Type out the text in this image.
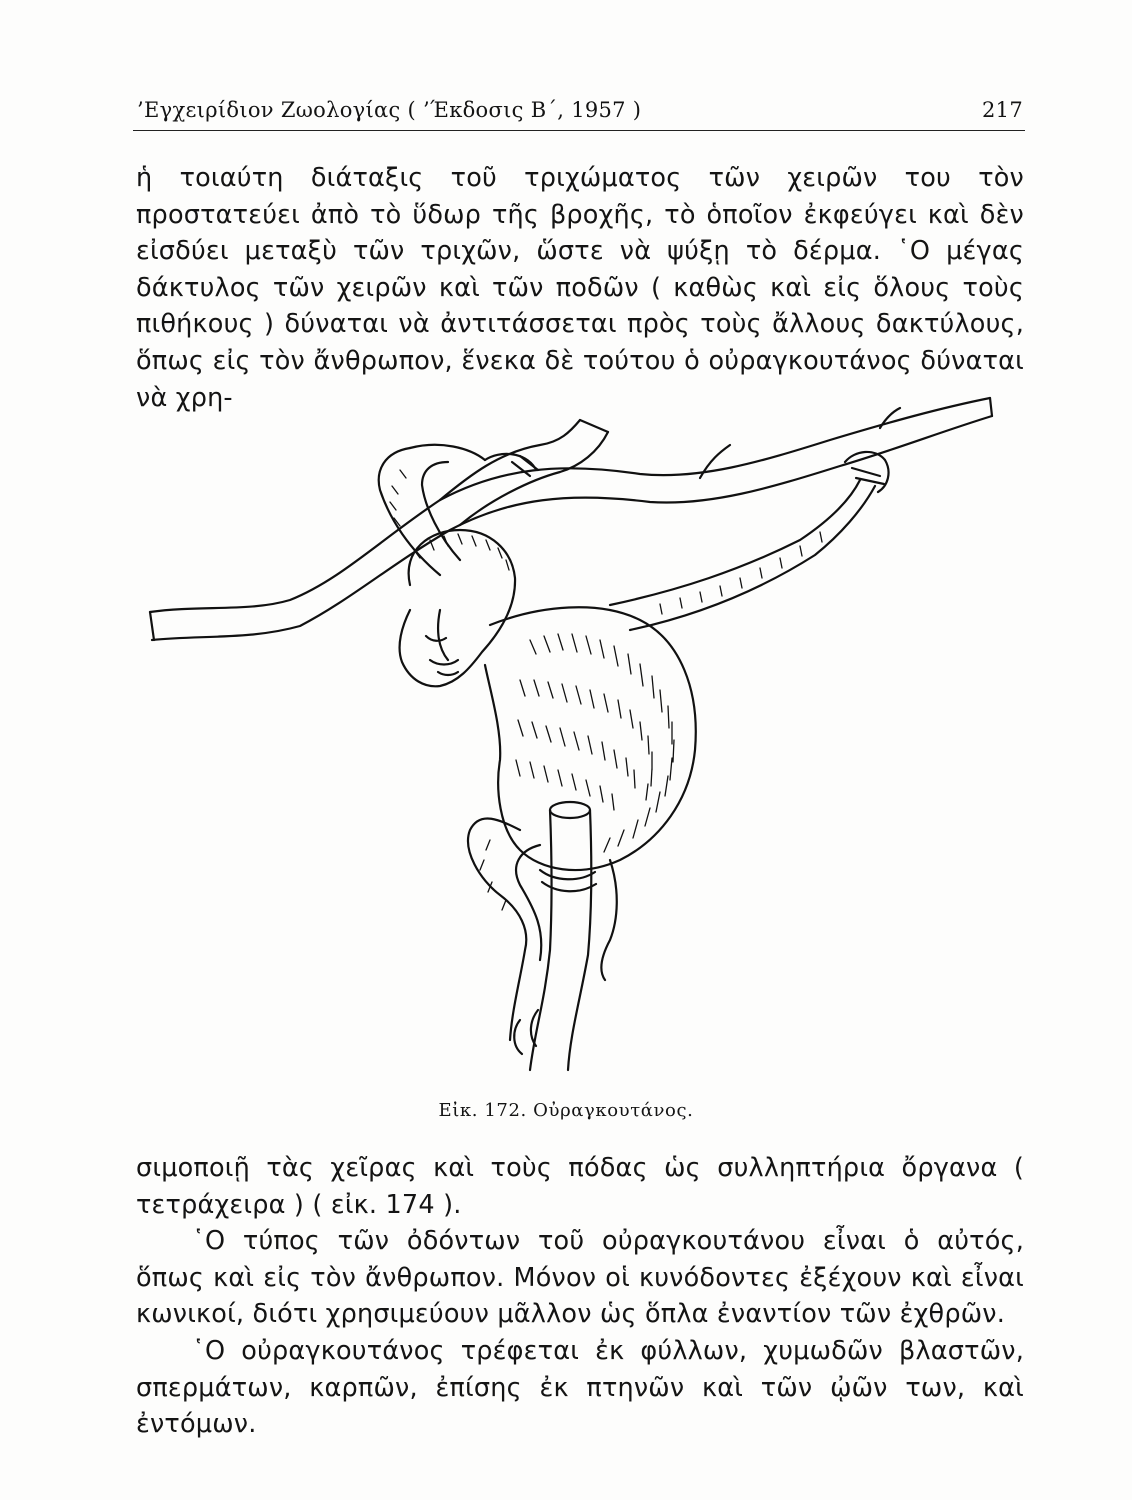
’Εγχειρίδιον Ζωολογίας ( ’Έκδοσις Β΄, 1957 )	217

ἡ τοιαύτη διάταξις τοῦ τριχώματος τῶν χειρῶν του τὸν προστατεύει ἀπὸ τὸ ὕδωρ τῆς βροχῆς, τὸ ὁποῖον ἐκφεύγει καὶ δὲν εἰσδύει μεταξὺ τῶν τριχῶν, ὥστε νὰ ψύξῃ τὸ δέρμα. ῾Ο μέγας δάκτυλος τῶν χειρῶν καὶ τῶν ποδῶν ( καθὼς καὶ εἰς ὅλους τοὺς πιθήκους ) δύναται νὰ ἀντιτάσσεται πρὸς τοὺς ἄλλους δακτύλους, ὅπως εἰς τὸν ἄνθρωπον, ἕνεκα δὲ τούτου ὁ οὐραγκουτάνος δύναται νὰ χρη-

Εἰκ. 172. Οὐραγκουτάνος.

σιμοποιῇ τὰς χεῖρας καὶ τοὺς πόδας ὡς συλληπτήρια ὄργανα ( τετράχειρα ) ( εἰκ. 174 ).

῾Ο τύπος τῶν ὀδόντων τοῦ οὐραγκουτάνου εἶναι ὁ αὐτός, ὅπως καὶ εἰς τὸν ἄνθρωπον. Μόνον οἱ κυνόδοντες ἐξέχουν καὶ εἶναι κωνικοί, διότι χρησιμεύουν μᾶλλον ὡς ὅπλα ἐναντίον τῶν ἐχθρῶν.

῾Ο οὐραγκουτάνος τρέφεται ἐκ φύλλων, χυμωδῶν βλαστῶν, σπερμάτων, καρπῶν, ἐπίσης ἐκ πτηνῶν καὶ τῶν ᾠῶν των, καὶ ἐντόμων.
